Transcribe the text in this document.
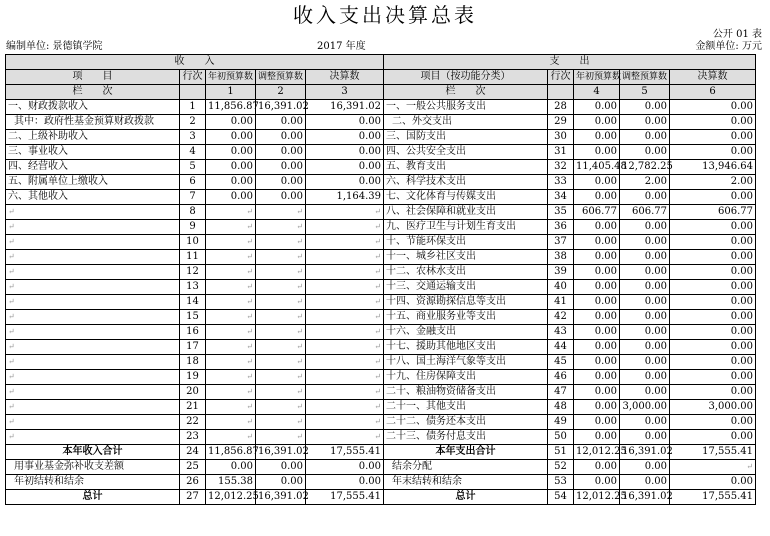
收入支出决算总表
公开 01 表
编制单位: 景德镇学院	2017 年度	金额单位: 万元
收　　入					支　　出				
项　　目	行次	年初预算数	调整预算数	决算数	项目（按功能分类）	行次	年初预算数	调整预算数	决算数
栏　　次		1	2	3	栏　　次		4	5	6
一、财政拨款收入	1	11,856.87	16,391.02	16,391.02	一、一般公共服务支出	28	0.00	0.00	0.00
其中：政府性基金预算财政拨款	2	0.00	0.00	0.00	二、外交支出	29	0.00	0.00	0.00
二、上级补助收入	3	0.00	0.00	0.00	三、国防支出	30	0.00	0.00	0.00
三、事业收入	4	0.00	0.00	0.00	四、公共安全支出	31	0.00	0.00	0.00
四、经营收入	5	0.00	0.00	0.00	五、教育支出	32	11,405.48	12,782.25	13,946.64
五、附属单位上缴收入	6	0.00	0.00	0.00	六、科学技术支出	33	0.00	2.00	2.00
六、其他收入	7	0.00	0.00	1,164.39	七、文化体育与传媒支出	34	0.00	0.00	0.00
↵	8	↵	↵	↵	八、社会保障和就业支出	35	606.77	606.77	606.77
↵	9	↵	↵	↵	九、医疗卫生与计划生育支出	36	0.00	0.00	0.00
↵	10	↵	↵	↵	十、节能环保支出	37	0.00	0.00	0.00
↵	11	↵	↵	↵	十一、城乡社区支出	38	0.00	0.00	0.00
↵	12	↵	↵	↵	十二、农林水支出	39	0.00	0.00	0.00
↵	13	↵	↵	↵	十三、交通运输支出	40	0.00	0.00	0.00
↵	14	↵	↵	↵	十四、资源勘探信息等支出	41	0.00	0.00	0.00
↵	15	↵	↵	↵	十五、商业服务业等支出	42	0.00	0.00	0.00
↵	16	↵	↵	↵	十六、金融支出	43	0.00	0.00	0.00
↵	17	↵	↵	↵	十七、援助其他地区支出	44	0.00	0.00	0.00
↵	18	↵	↵	↵	十八、国土海洋气象等支出	45	0.00	0.00	0.00
↵	19	↵	↵	↵	十九、住房保障支出	46	0.00	0.00	0.00
↵	20	↵	↵	↵	二十、粮油物资储备支出	47	0.00	0.00	0.00
↵	21	↵	↵	↵	二十一、其他支出	48	0.00	3,000.00	3,000.00
↵	22	↵	↵	↵	二十二、债务还本支出	49	0.00	0.00	0.00
↵	23	↵	↵	↵	二十三、债务付息支出	50	0.00	0.00	0.00
本年收入合计	24	11,856.87	16,391.02	17,555.41	本年支出合计	51	12,012.25	16,391.02	17,555.41
用事业基金弥补收支差额	25	0.00	0.00	0.00	结余分配	52	0.00	0.00	↵
年初结转和结余	26	155.38	0.00	0.00	年末结转和结余	53	0.00	0.00	0.00
总计	27	12,012.25	16,391.02	17,555.41	总计	54	12,012.25	16,391.02	17,555.41
